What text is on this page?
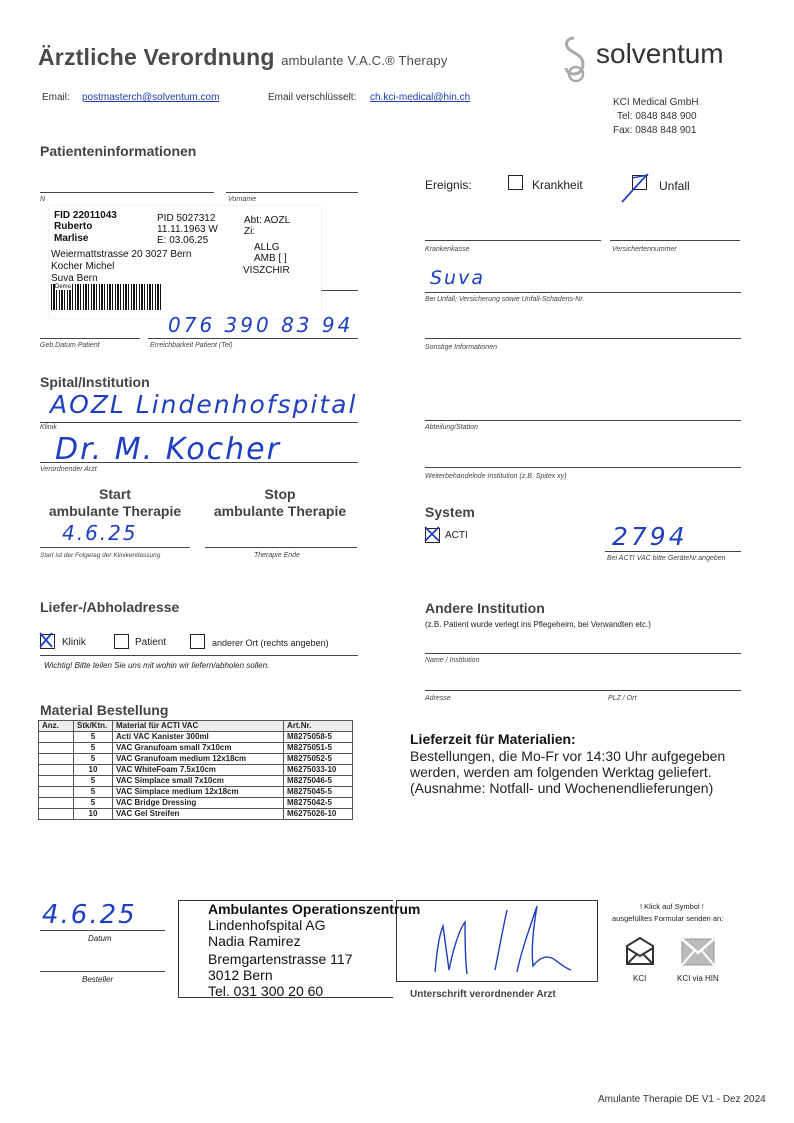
Ärztliche Verordnung ambulante V.A.C.® Therapy	solventum
Email: postmasterch@solventum.com	Email verschlüsselt: ch.kci-medical@hin.ch	KCI Medical GmbH
Tel: 0848 848 900
Fax: 0848 848 901
Patienteninformationen
N	Vorname
FID 22011043
Ruberto
Marlise
PID 5027312
11.11.1963 W
E: 03.06.25
Abt: AOZL
Zi:
ALLG
AMB [ ]
VISZCHIR
Weiermattstrasse 20 3027 Bern
Kocher Michel
Suva Bern
Demo
Geb.Datum Patient	Erreichbarkeit Patient (Tel)
076 390 83 94
Ereignis:	Krankheit	Unfall
Krankenkasse	Versichertennummer
Suva
Bei Unfall; Versicherung sowie Unfall-Schadens-Nr.
Sonstige Informationen
Spital/Institution
AOZL Lindenhofspital
Klinik
Dr. M. Kocher
Verordnender Arzt
Abteilung/Station
Weiterbehandelnde Institution (z.B. Spitex xy)
Start
ambulante Therapie
Stop
ambulante Therapie
4.6.25
Start ist der Folgetag der Klinikentlassung	Therapie Ende
System
ACTI	2794
Bei ACTI VAC bitte GeräteNr.angeben
Liefer-/Abholadresse
Klinik	Patient	anderer Ort (rechts angeben)
Wichtig! Bitte teilen Sie uns mit wohin wir liefern/abholen sollen.
Andere Institution
(z.B. Patient wurde verlegt ins Pflegeheim, bei Verwandten etc.)
Name / Institution
Adresse	PLZ / Ort
Material Bestellung
Anz.	Stk/Ktn.	Material für ACTI VAC	Art.Nr.
	5	Acti VAC Kanister 300ml	M8275058-5
	5	VAC Granufoam small 7x10cm	M8275051-5
	5	VAC Granufoam medium 12x18cm	M8275052-5
	10	VAC WhiteFoam 7.5x10cm	M6275033-10
	5	VAC Simplace small 7x10cm	M8275046-5
	5	VAC Simplace medium 12x18cm	M8275045-5
	5	VAC Bridge Dressing	M8275042-5
	10	VAC Gel Streifen	M6275026-10
Lieferzeit für Materialien:
Bestellungen, die Mo-Fr vor 14:30 Uhr aufgegeben
werden, werden am folgenden Werktag geliefert.
(Ausnahme: Notfall- und Wochenendlieferungen)
4.6.25
Datum
Besteller
Ambulantes Operationszentrum
Lindenhofspital AG
Nadia Ramirez
Bremgartenstrasse 117
3012 Bern
Tel. 031 300 20 60	Unterschrift verordnender Arzt
! Klick auf Symbol !
ausgefülltes Formular senden an:
KCI	KCI via HIN
Amulante Therapie DE V1 - Dez 2024
